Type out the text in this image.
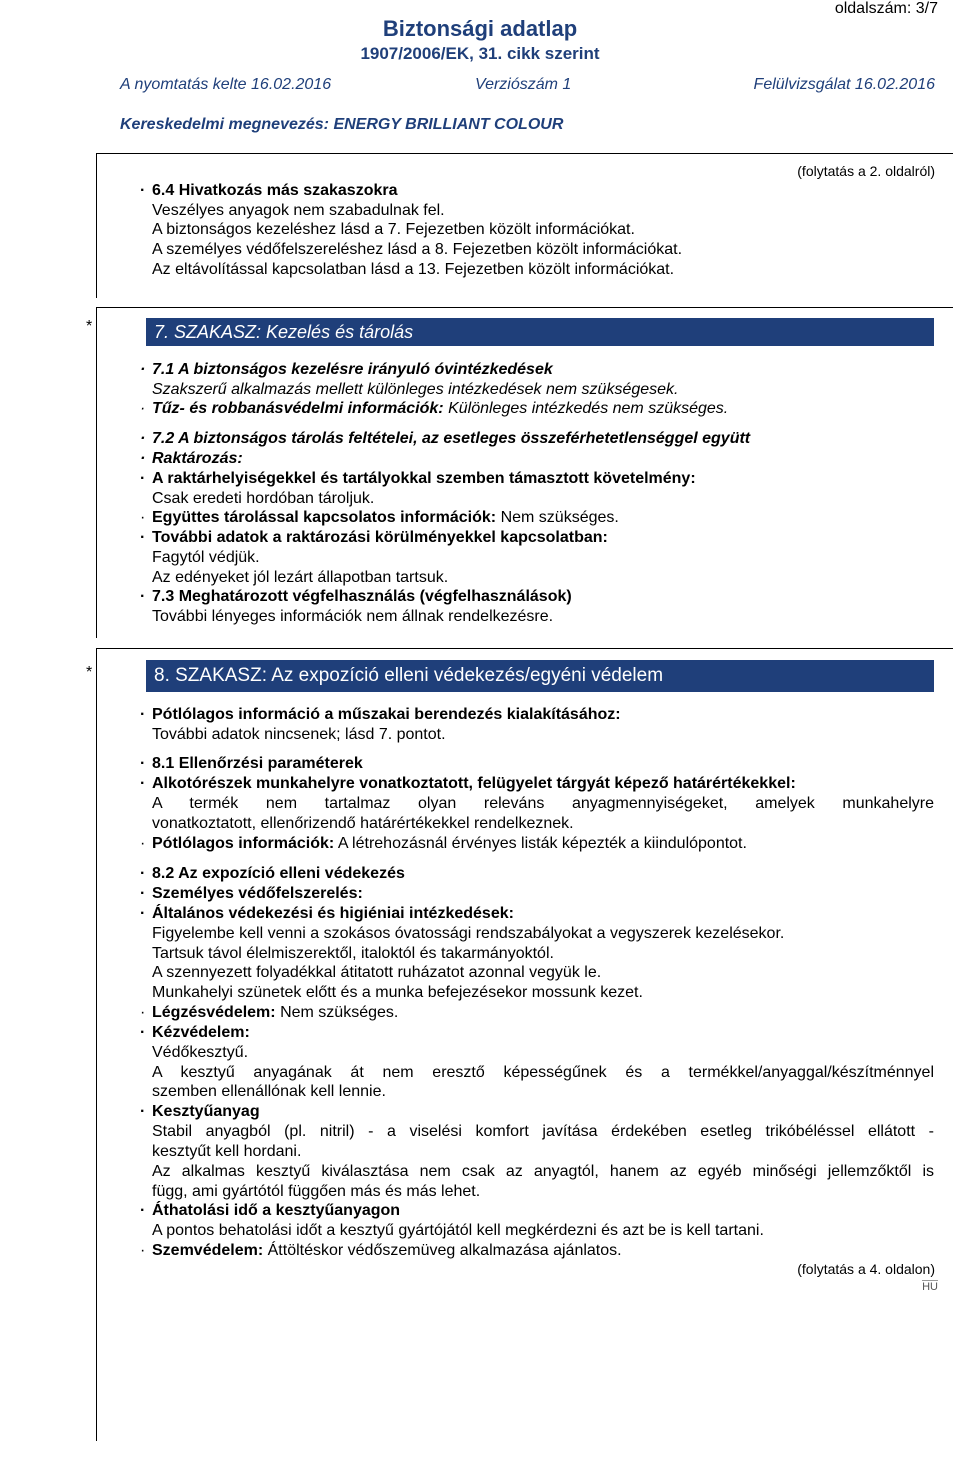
oldalszám: 3/7
Biztonsági adatlap
1907/2006/EK, 31. cikk szerint
A nyomtatás kelte 16.02.2016	Verziószám 1	Felülvizsgálat 16.02.2016
Kereskedelmi megnevezés: ENERGY BRILLIANT COLOUR
(folytatás a 2. oldalról)
· 6.4 Hivatkozás más szakaszokra
Veszélyes anyagok nem szabadulnak fel.
A biztonságos kezeléshez lásd a 7. Fejezetben közölt információkat.
A személyes védőfelszereléshez lásd a 8. Fejezetben közölt információkat.
Az eltávolítással kapcsolatban lásd a 13. Fejezetben közölt információkat.
*	7. SZAKASZ: Kezelés és tárolás
· 7.1 A biztonságos kezelésre irányuló óvintézkedések
Szakszerű alkalmazás mellett különleges intézkedések nem szükségesek.
· Tűz- és robbanásvédelmi információk: Különleges intézkedés nem szükséges.
· 7.2 A biztonságos tárolás feltételei, az esetleges összeférhetetlenséggel együtt
· Raktározás:
· A raktárhelyiségekkel és tartályokkal szemben támasztott követelmény:
Csak eredeti hordóban tároljuk.
· Együttes tárolással kapcsolatos információk: Nem szükséges.
· További adatok a raktározási körülményekkel kapcsolatban:
Fagytól védjük.
Az edényeket jól lezárt állapotban tartsuk.
· 7.3 Meghatározott végfelhasználás (végfelhasználások)
További lényeges információk nem állnak rendelkezésre.
*	8. SZAKASZ: Az expozíció elleni védekezés/egyéni védelem
· Pótlólagos információ a műszakai berendezés kialakításához:
További adatok nincsenek; lásd 7. pontot.
· 8.1 Ellenőrzési paraméterek
· Alkotórészek munkahelyre vonatkoztatott, felügyelet tárgyát képező határértékekkel:
A termék nem tartalmaz olyan releváns anyagmennyiségeket, amelyek munkahelyre
vonatkoztatott, ellenőrizendő határértékekkel rendelkeznek.
· Pótlólagos információk: A létrehozásnál érvényes listák képezték a kiindulópontot.
· 8.2 Az expozíció elleni védekezés
· Személyes védőfelszerelés:
· Általános védekezési és higiéniai intézkedések:
Figyelembe kell venni a szokásos óvatossági rendszabályokat a vegyszerek kezelésekor.
Tartsuk távol élelmiszerektől, italoktól és takarmányoktól.
A szennyezett folyadékkal átitatott ruházatot azonnal vegyük le.
Munkahelyi szünetek előtt és a munka befejezésekor mossunk kezet.
· Légzésvédelem: Nem szükséges.
· Kézvédelem:
Védőkesztyű.
A kesztyű anyagának át nem eresztő képességűnek és a termékkel/anyaggal/készítménnyel
szemben ellenállónak kell lennie.
· Kesztyűanyag
Stabil anyagból (pl. nitril) - a viselési komfort javítása érdekében esetleg trikóbéléssel ellátott -
kesztyűt kell hordani.
Az alkalmas kesztyű kiválasztása nem csak az anyagtól, hanem az egyéb minőségi jellemzőktől is
függ, ami gyártótól függően más és más lehet.
· Áthatolási idő a kesztyűanyagon
A pontos behatolási időt a kesztyű gyártójától kell megkérdezni és azt be is kell tartani.
· Szemvédelem: Áttöltéskor védőszemüveg alkalmazása ajánlatos.
(folytatás a 4. oldalon)
HU
